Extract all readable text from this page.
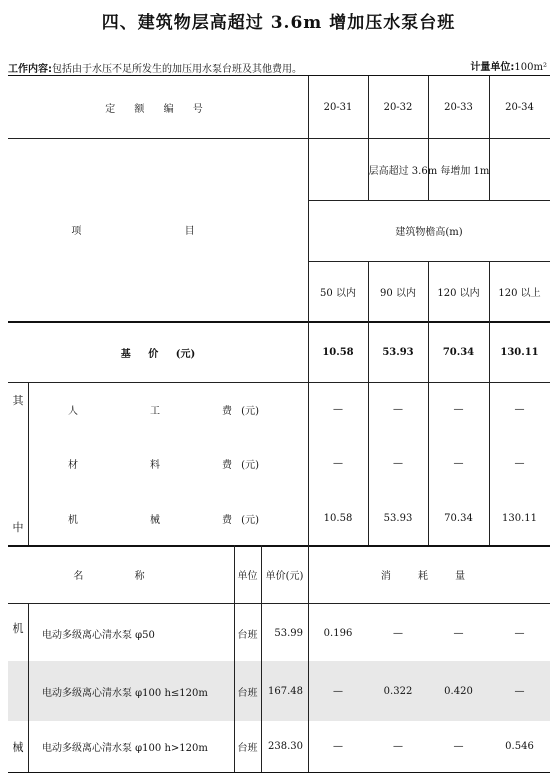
四、建筑物层高超过 3.6m 增加压水泵台班
工作内容:包括由于水压不足所发生的加压用水泵台班及其他费用。	计量单位:100m²
定 额 编 号	20-31	20-32	20-33	20-34
项 目
层高超过 3.6m 每增加 1m
建筑物檐高(m)
50 以内	90 以内	120 以内	120 以上
基 价 (元)	10.58	53.93	70.34	130.11
其
中
人	工	费 (元)	—	—	—	—
材	料	费 (元)	—	—	—	—
机	械	费 (元)	10.58	53.93	70.34	130.11
名 称	单位 单价(元)	消 耗 量
机
械
电动多级离心清水泵 φ50	台班	53.99	0.196	—	—	—
电动多级离心清水泵 φ100 h≤120m	台班	167.48	—	0.322	0.420	—
电动多级离心清水泵 φ100 h>120m	台班	238.30	—	—	—	0.546
